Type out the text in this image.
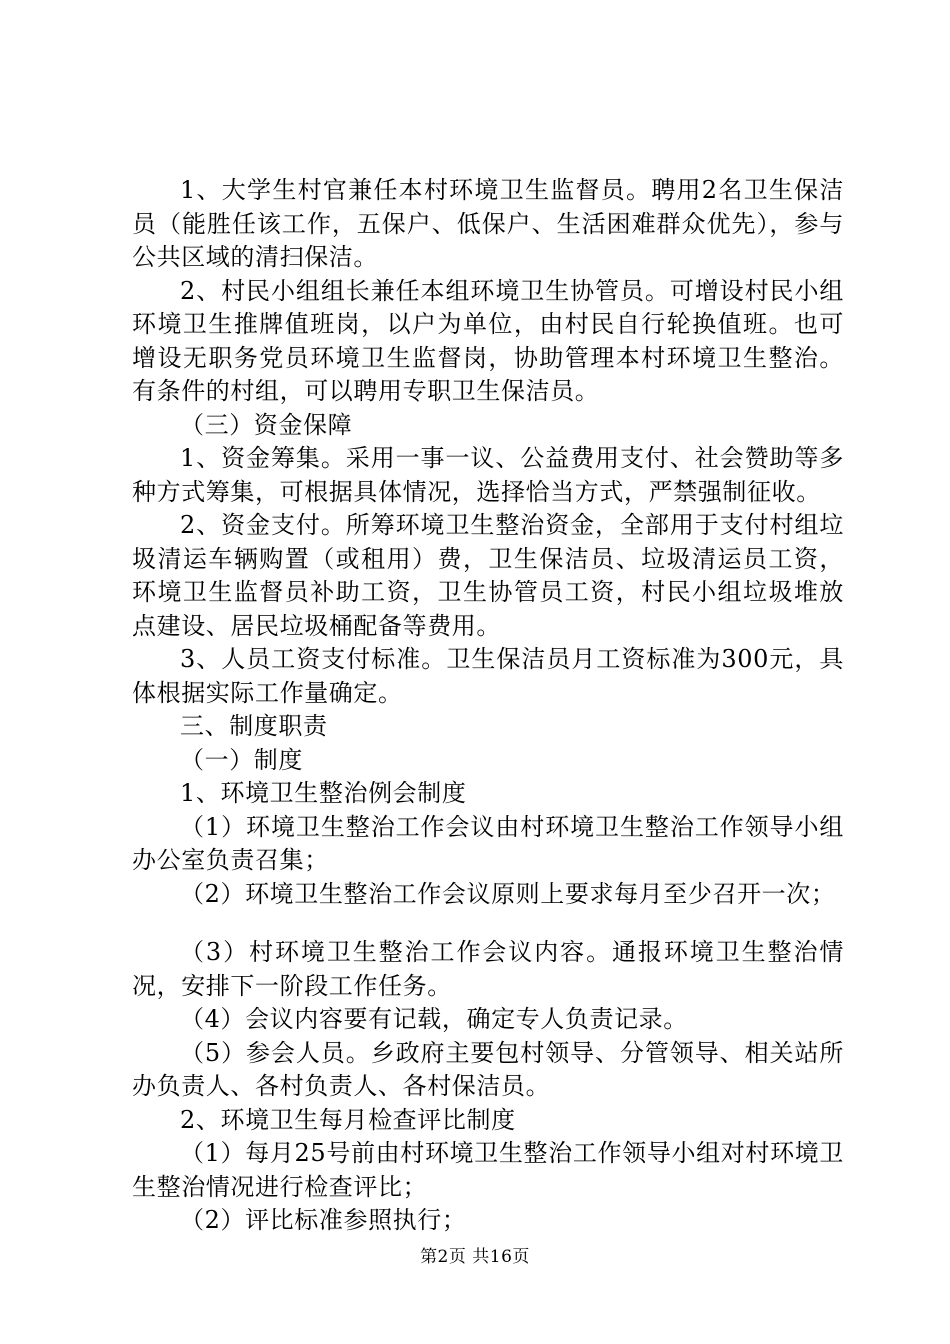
1、大学生村官兼任本村环境卫生监督员。聘用2名卫生保洁员（能胜任该工作，五保户、低保户、生活困难群众优先），参与公共区域的清扫保洁。

2、村民小组组长兼任本组环境卫生协管员。可增设村民小组环境卫生推牌值班岗，以户为单位，由村民自行轮换值班。也可增设无职务党员环境卫生监督岗，协助管理本村环境卫生整治。有条件的村组，可以聘用专职卫生保洁员。

（三）资金保障

1、资金筹集。采用一事一议、公益费用支付、社会赞助等多种方式筹集，可根据具体情况，选择恰当方式，严禁强制征收。

2、资金支付。所筹环境卫生整治资金，全部用于支付村组垃圾清运车辆购置（或租用）费，卫生保洁员、垃圾清运员工资，环境卫生监督员补助工资，卫生协管员工资，村民小组垃圾堆放点建设、居民垃圾桶配备等费用。

3、人员工资支付标准。卫生保洁员月工资标准为300元，具体根据实际工作量确定。

三、制度职责

（一）制度

1、环境卫生整治例会制度

（1）环境卫生整治工作会议由村环境卫生整治工作领导小组办公室负责召集；

（2）环境卫生整治工作会议原则上要求每月至少召开一次；

（3）村环境卫生整治工作会议内容。通报环境卫生整治情况，安排下一阶段工作任务。

（4）会议内容要有记载，确定专人负责记录。

（5）参会人员。乡政府主要包村领导、分管领导、相关站所办负责人、各村负责人、各村保洁员。

2、环境卫生每月检查评比制度

（1）每月25号前由村环境卫生整治工作领导小组对村环境卫生整治情况进行检查评比；

（2）评比标准参照执行；

第2页 共16页
